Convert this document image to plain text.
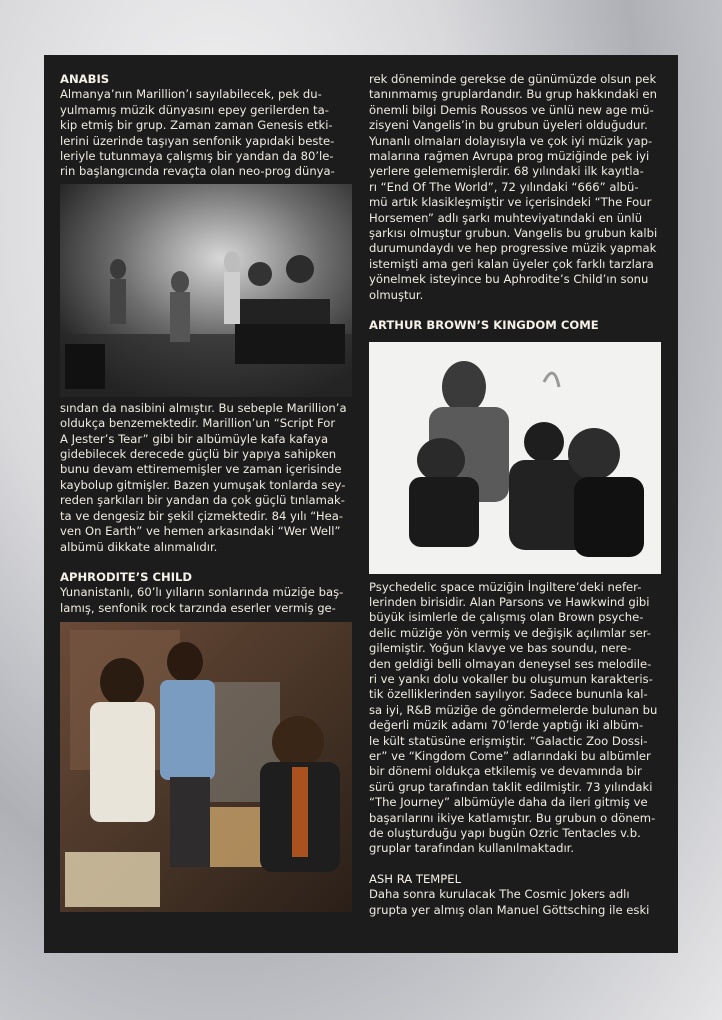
ANABIS

Almanya’nın Marillion’ı sayılabilecek, pek du-

yulmamış müzik dünyasını epey gerilerden ta-

kip etmiş bir grup. Zaman zaman Genesis etki-

lerini üzerinde taşıyan senfonik yapıdaki beste-

leriyle tutunmaya çalışmış bir yandan da 80’le-

rin başlangıcında revaçta olan neo-prog dünya-

sından da nasibini almıştır. Bu sebeple Marillion’a

oldukça benzemektedir. Marillion’un “Script For

A Jester’s Tear” gibi bir albümüyle kafa kafaya

gidebilecek derecede güçlü bir yapıya sahipken

bunu devam ettirememişler ve zaman içerisinde

kaybolup gitmişler. Bazen yumuşak tonlarda sey-

reden şarkıları bir yandan da çok güçlü tınlamak-

ta ve dengesiz bir şekil çizmektedir. 84 yılı “Hea-

ven On Earth” ve hemen arkasındaki “Wer Well”

albümü dikkate alınmalıdır.

APHRODITE’S CHILD

Yunanistanlı, 60’lı yılların sonlarında müziğe baş-

lamış, senfonik rock tarzında eserler vermiş ge-

rek döneminde gerekse de günümüzde olsun pek

tanınmamış gruplardandır. Bu grup hakkındaki en

önemli bilgi Demis Roussos ve ünlü new age mü-

zisyeni Vangelis’in bu grubun üyeleri olduğudur.

Yunanlı olmaları dolayısıyla ve çok iyi müzik yap-

malarına rağmen Avrupa prog müziğinde pek iyi

yerlere gelememişlerdir. 68 yılındaki ilk kayıtla-

rı “End Of The World”, 72 yılındaki “666” albü-

mü artık klasikleşmiştir ve içerisindeki “The Four

Horsemen” adlı şarkı muhteviyatındaki en ünlü

şarkısı olmuştur grubun. Vangelis bu grubun kalbi

durumundaydı ve hep progressive müzik yapmak

istemişti ama geri kalan üyeler çok farklı tarzlara

yönelmek isteyince bu Aphrodite’s Child’ın sonu

olmuştur.

ARTHUR BROWN’S KINGDOM COME

Psychedelic space müziğin İngiltere’deki nefer-

lerinden birisidir. Alan Parsons ve Hawkwind gibi

büyük isimlerle de çalışmış olan Brown psyche-

delic müziğe yön vermiş ve değişik açılımlar ser-

gilemiştir. Yoğun klavye ve bas soundu, nere-

den geldiği belli olmayan deneysel ses melodile-

ri ve yankı dolu vokaller bu oluşumun karakteris-

tik özelliklerinden sayılıyor. Sadece bununla kal-

sa iyi, R&B müziğe de göndermelerde bulunan bu

değerli müzik adamı 70’lerde yaptığı iki albüm-

le kült statüsüne erişmiştir. “Galactic Zoo Dossi-

er” ve “Kingdom Come” adlarındaki bu albümler

bir dönemi oldukça etkilemiş ve devamında bir

sürü grup tarafından taklit edilmiştir. 73 yılındaki

“The Journey” albümüyle daha da ileri gitmiş ve

başarılarını ikiye katlamıştır. Bu grubun o dönem-

de oluşturduğu yapı bugün Ozric Tentacles v.b.

gruplar tarafından kullanılmaktadır.

ASH RA TEMPEL

Daha sonra kurulacak The Cosmic Jokers adlı

grupta yer almış olan Manuel Göttsching ile eski
